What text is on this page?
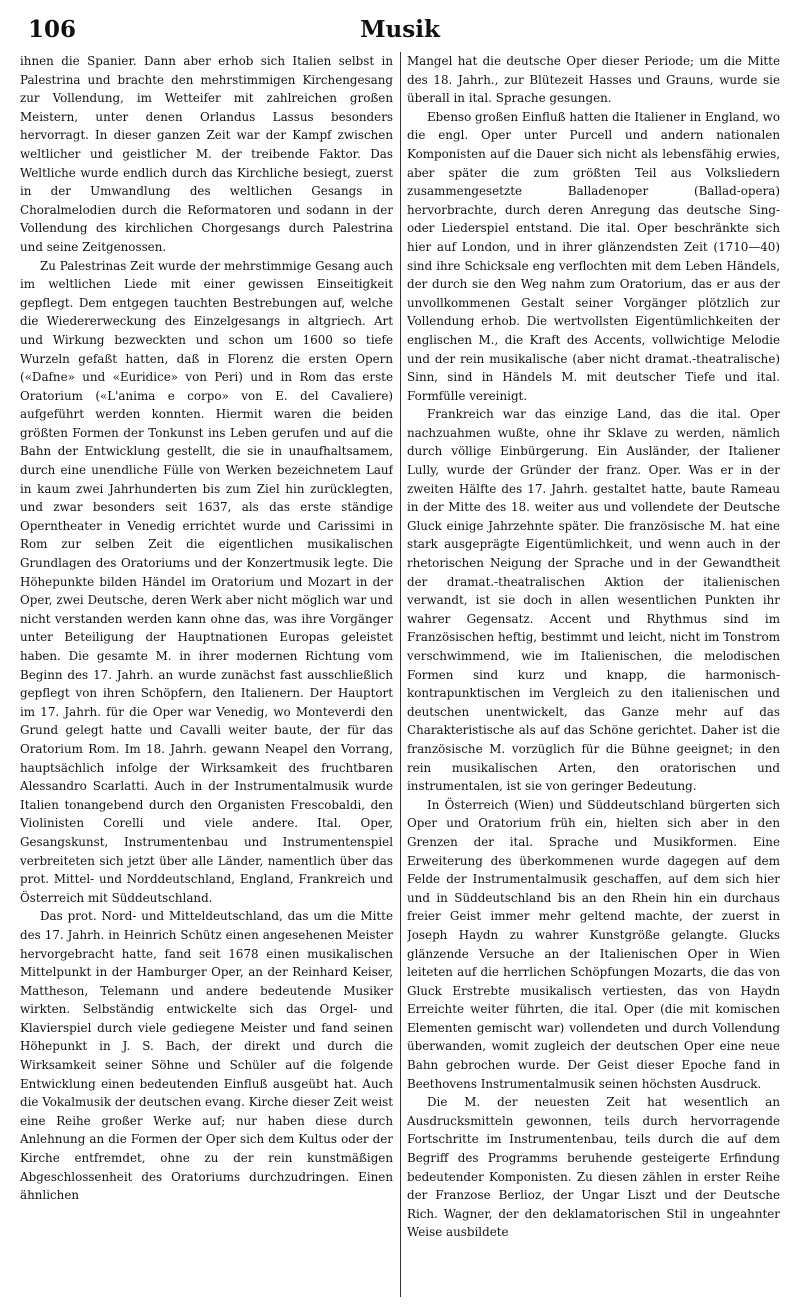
106	Musik

ihnen die Spanier. Dann aber erhob sich Italien selbst in Palestrina und brachte den mehrstimmigen Kirchengesang zur Vollendung, im Wetteifer mit zahlreichen großen Meistern, unter denen Orlandus Lassus besonders hervorragt. In dieser ganzen Zeit war der Kampf zwischen weltlicher und geistlicher M. der treibende Faktor. Das Weltliche wurde endlich durch das Kirchliche besiegt, zuerst in der Umwandlung des weltlichen Gesangs in Choralmelodien durch die Reformatoren und sodann in der Vollendung des kirchlichen Chorgesangs durch Palestrina und seine Zeitgenossen.

Zu Palestrinas Zeit wurde der mehrstimmige Gesang auch im weltlichen Liede mit einer gewissen Einseitigkeit gepflegt. Dem entgegen tauchten Bestrebungen auf, welche die Wiedererweckung des Einzelgesangs in altgriech. Art und Wirkung bezweckten und schon um 1600 so tiefe Wurzeln gefaßt hatten, daß in Florenz die ersten Opern («Dafne» und «Euridice» von Peri) und in Rom das erste Oratorium («L'anima e corpo» von E. del Cavaliere) aufgeführt werden konnten. Hiermit waren die beiden größten Formen der Tonkunst ins Leben gerufen und auf die Bahn der Entwicklung gestellt, die sie in unaufhaltsamem, durch eine unendliche Fülle von Werken bezeichnetem Lauf in kaum zwei Jahrhunderten bis zum Ziel hin zurücklegten, und zwar besonders seit 1637, als das erste ständige Operntheater in Venedig errichtet wurde und Carissimi in Rom zur selben Zeit die eigentlichen musikalischen Grundlagen des Oratoriums und der Konzertmusik legte. Die Höhepunkte bilden Händel im Oratorium und Mozart in der Oper, zwei Deutsche, deren Werk aber nicht möglich war und nicht verstanden werden kann ohne das, was ihre Vorgänger unter Beteiligung der Hauptnationen Europas geleistet haben. Die gesamte M. in ihrer modernen Richtung vom Beginn des 17. Jahrh. an wurde zunächst fast ausschließlich gepflegt von ihren Schöpfern, den Italienern. Der Hauptort im 17. Jahrh. für die Oper war Venedig, wo Monteverdi den Grund gelegt hatte und Cavalli weiter baute, der für das Oratorium Rom. Im 18. Jahrh. gewann Neapel den Vorrang, hauptsächlich infolge der Wirksamkeit des fruchtbaren Alessandro Scarlatti. Auch in der Instrumentalmusik wurde Italien tonangebend durch den Organisten Frescobaldi, den Violinisten Corelli und viele andere. Ital. Oper, Gesangskunst, Instrumentenbau und Instrumentenspiel verbreiteten sich jetzt über alle Länder, namentlich über das prot. Mittel- und Norddeutschland, England, Frankreich und Österreich mit Süddeutschland.

Das prot. Nord- und Mitteldeutschland, das um die Mitte des 17. Jahrh. in Heinrich Schütz einen angesehenen Meister hervorgebracht hatte, fand seit 1678 einen musikalischen Mittelpunkt in der Hamburger Oper, an der Reinhard Keiser, Mattheson, Telemann und andere bedeutende Musiker wirkten. Selbständig entwickelte sich das Orgel- und Klavierspiel durch viele gediegene Meister und fand seinen Höhepunkt in J. S. Bach, der direkt und durch die Wirksamkeit seiner Söhne und Schüler auf die folgende Entwicklung einen bedeutenden Einfluß ausgeübt hat. Auch die Vokalmusik der deutschen evang. Kirche dieser Zeit weist eine Reihe großer Werke auf; nur haben diese durch Anlehnung an die Formen der Oper sich dem Kultus oder der Kirche entfremdet, ohne zu der rein kunstmäßigen Abgeschlossenheit des Oratoriums durchzudringen. Einen ähnlichen

Mangel hat die deutsche Oper dieser Periode; um die Mitte des 18. Jahrh., zur Blütezeit Hasses und Grauns, wurde sie überall in ital. Sprache gesungen.

Ebenso großen Einfluß hatten die Italiener in England, wo die engl. Oper unter Purcell und andern nationalen Komponisten auf die Dauer sich nicht als lebensfähig erwies, aber später die zum größten Teil aus Volksliedern zusammengesetzte Balladenoper (Ballad-opera) hervorbrachte, durch deren Anregung das deutsche Sing- oder Liederspiel entstand. Die ital. Oper beschränkte sich hier auf London, und in ihrer glänzendsten Zeit (1710—40) sind ihre Schicksale eng verflochten mit dem Leben Händels, der durch sie den Weg nahm zum Oratorium, das er aus der unvollkommenen Gestalt seiner Vorgänger plötzlich zur Vollendung erhob. Die wertvollsten Eigentümlichkeiten der englischen M., die Kraft des Accents, vollwichtige Melodie und der rein musikalische (aber nicht dramat.-theatralische) Sinn, sind in Händels M. mit deutscher Tiefe und ital. Formfülle vereinigt.

Frankreich war das einzige Land, das die ital. Oper nachzuahmen wußte, ohne ihr Sklave zu werden, nämlich durch völlige Einbürgerung. Ein Ausländer, der Italiener Lully, wurde der Gründer der franz. Oper. Was er in der zweiten Hälfte des 17. Jahrh. gestaltet hatte, baute Rameau in der Mitte des 18. weiter aus und vollendete der Deutsche Gluck einige Jahrzehnte später. Die französische M. hat eine stark ausgeprägte Eigentümlichkeit, und wenn auch in der rhetorischen Neigung der Sprache und in der Gewandtheit der dramat.-theatralischen Aktion der italienischen verwandt, ist sie doch in allen wesentlichen Punkten ihr wahrer Gegensatz. Accent und Rhythmus sind im Französischen heftig, bestimmt und leicht, nicht im Tonstrom verschwimmend, wie im Italienischen, die melodischen Formen sind kurz und knapp, die harmonisch-kontrapunktischen im Vergleich zu den italienischen und deutschen unentwickelt, das Ganze mehr auf das Charakteristische als auf das Schöne gerichtet. Daher ist die französische M. vorzüglich für die Bühne geeignet; in den rein musikalischen Arten, den oratorischen und instrumentalen, ist sie von geringer Bedeutung.

In Österreich (Wien) und Süddeutschland bürgerten sich Oper und Oratorium früh ein, hielten sich aber in den Grenzen der ital. Sprache und Musikformen. Eine Erweiterung des überkommenen wurde dagegen auf dem Felde der Instrumentalmusik geschaffen, auf dem sich hier und in Süddeutschland bis an den Rhein hin ein durchaus freier Geist immer mehr geltend machte, der zuerst in Joseph Haydn zu wahrer Kunstgröße gelangte. Glucks glänzende Versuche an der Italienischen Oper in Wien leiteten auf die herrlichen Schöpfungen Mozarts, die das von Gluck Erstrebte musikalisch vertiesten, das von Haydn Erreichte weiter führten, die ital. Oper (die mit komischen Elementen gemischt war) vollendeten und durch Vollendung überwanden, womit zugleich der deutschen Oper eine neue Bahn gebrochen wurde. Der Geist dieser Epoche fand in Beethovens Instrumentalmusik seinen höchsten Ausdruck.

Die M. der neuesten Zeit hat wesentlich an Ausdrucksmitteln gewonnen, teils durch hervorragende Fortschritte im Instrumentenbau, teils durch die auf dem Begriff des Programms beruhende gesteigerte Erfindung bedeutender Komponisten. Zu diesen zählen in erster Reihe der Franzose Berlioz, der Ungar Liszt und der Deutsche Rich. Wagner, der den deklamatorischen Stil in ungeahnter Weise ausbildete
